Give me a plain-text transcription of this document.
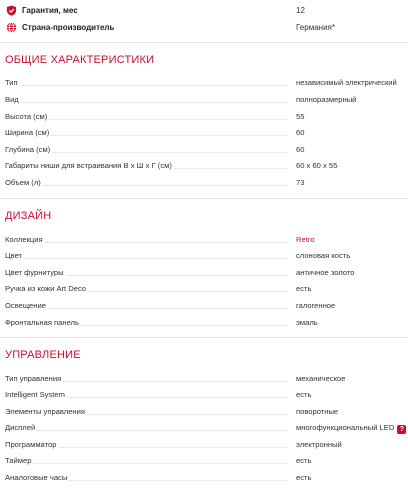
Гарантия, мес	12
Страна-производитель	Германия*
ОБЩИЕ ХАРАКТЕРИСТИКИ
Тип	независимый электрический
Вид	полноразмерный
Высота (см)	55
Ширина (см)	60
Глубина (см)	60
Габариты ниши для встраивания В x Ш x Г (см)	60 x 60 x 55
Объем (л)	73
ДИЗАЙН
Коллекция	Retro
Цвет	слоновая кость
Цвет фурнитуры	античное золото
Ручка из кожи Art Deco	есть
Освещение	галогенное
Фронтальная панель	эмаль
УПРАВЛЕНИЕ
Тип управления	механическое
Intelligent System	есть
Элементы управления	поворотные
Дисплей	многофункциональный LED ?
Программатор	электронный
Таймер	есть
Аналоговые часы	есть
